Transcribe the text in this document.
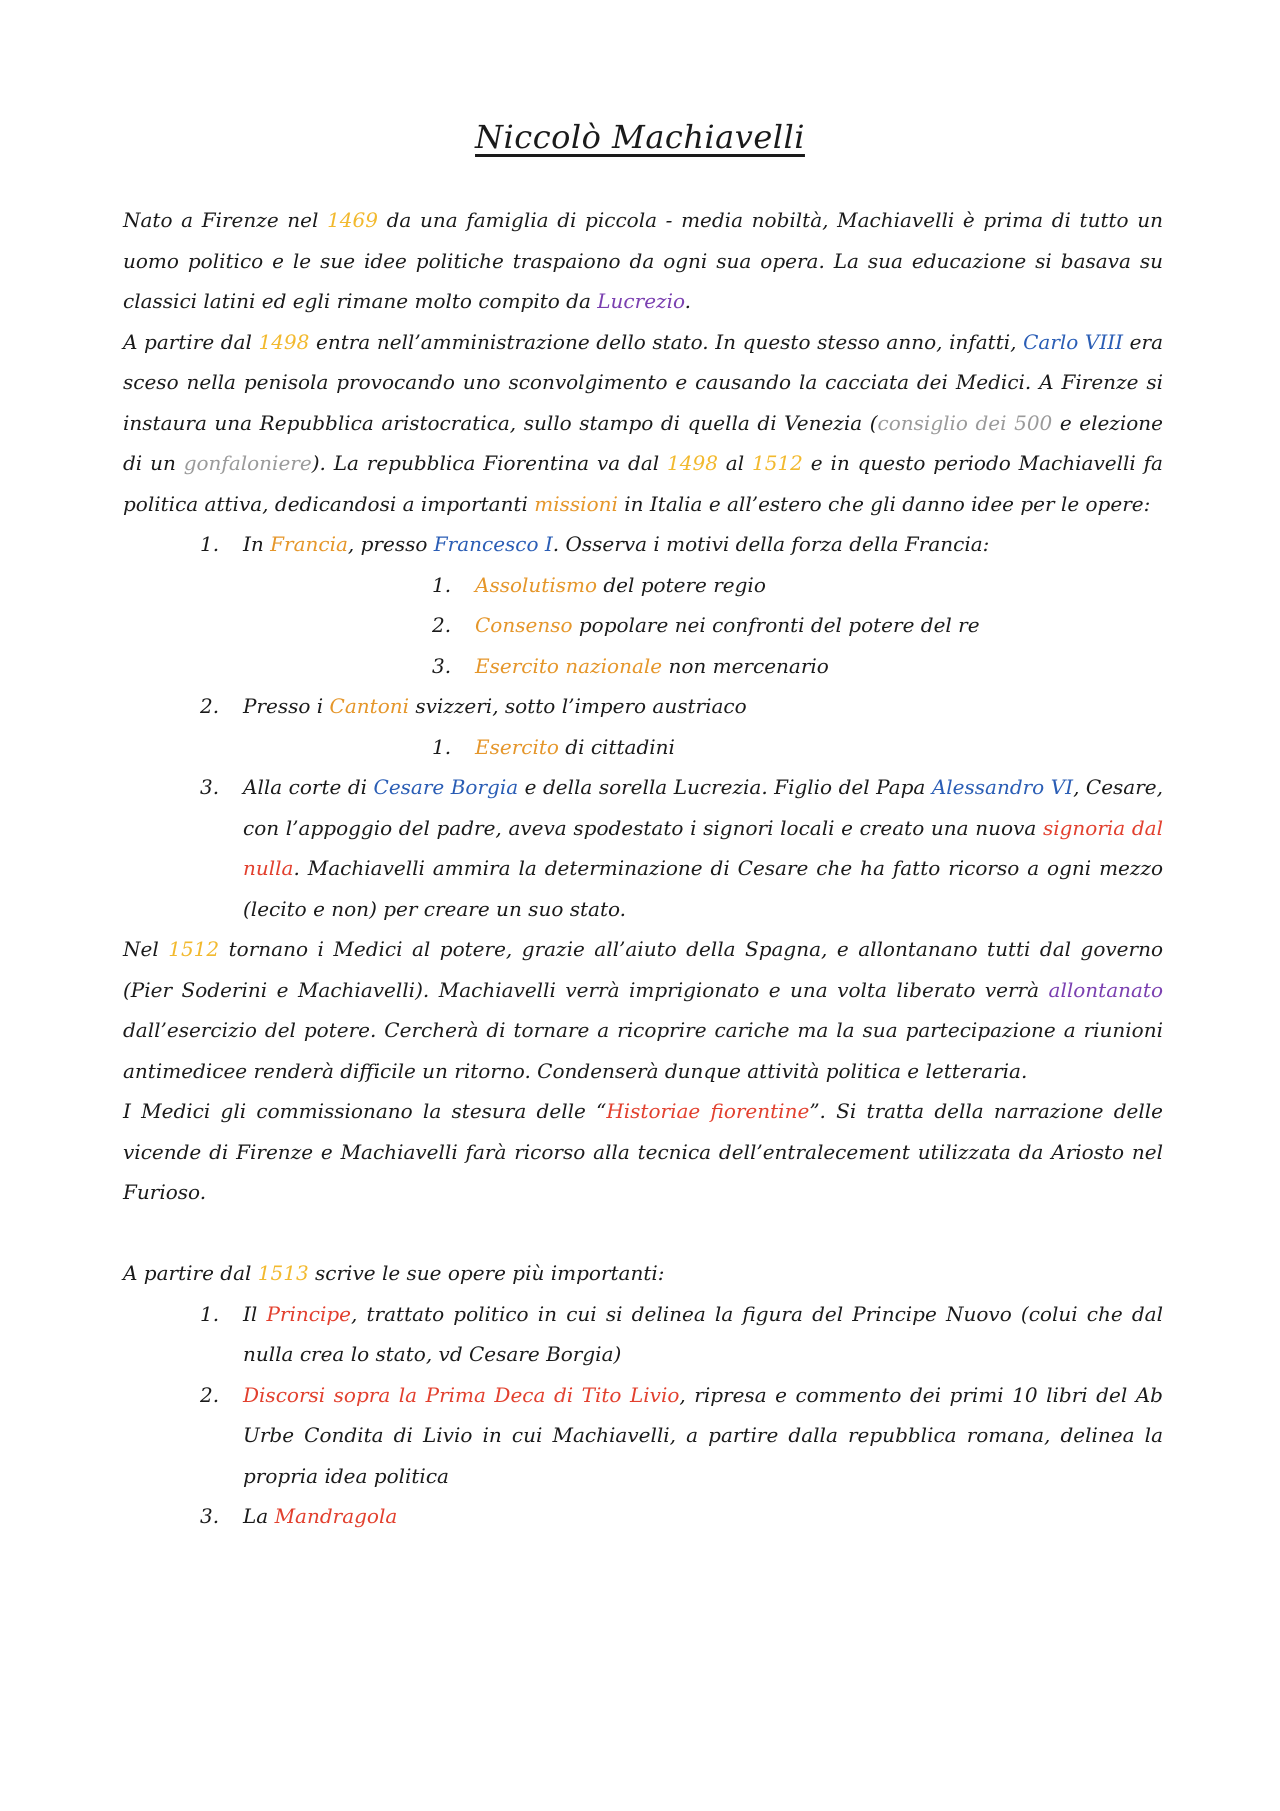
Niccolò Machiavelli

Nato a Firenze nel 1469 da una famiglia di piccola - media nobiltà, Machiavelli è prima di tutto un uomo politico e le sue idee politiche traspaiono da ogni sua opera. La sua educazione si basava su classici latini ed egli rimane molto compito da Lucrezio.

A partire dal 1498 entra nell’amministrazione dello stato. In questo stesso anno, infatti, Carlo VIII era sceso nella penisola provocando uno sconvolgimento e causando la cacciata dei Medici. A Firenze si instaura una Repubblica aristocratica, sullo stampo di quella di Venezia (consiglio dei 500 e elezione di un gonfaloniere). La repubblica Fiorentina va dal 1498 al 1512 e in questo periodo Machiavelli fa politica attiva, dedicandosi a importanti missioni in Italia e all’estero che gli danno idee per le opere:

1. In Francia, presso Francesco I. Osserva i motivi della forza della Francia:
1. Assolutismo del potere regio
2. Consenso popolare nei confronti del potere del re
3. Esercito nazionale non mercenario
2. Presso i Cantoni svizzeri, sotto l’impero austriaco
1. Esercito di cittadini
3. Alla corte di Cesare Borgia e della sorella Lucrezia. Figlio del Papa Alessandro VI, Cesare, con l’appoggio del padre, aveva spodestato i signori locali e creato una nuova signoria dal nulla. Machiavelli ammira la determinazione di Cesare che ha fatto ricorso a ogni mezzo (lecito e non) per creare un suo stato.

Nel 1512 tornano i Medici al potere, grazie all’aiuto della Spagna, e allontanano tutti dal governo (Pier Soderini e Machiavelli). Machiavelli verrà imprigionato e una volta liberato verrà allontanato dall’esercizio del potere. Cercherà di tornare a ricoprire cariche ma la sua partecipazione a riunioni antimedicee renderà difficile un ritorno. Condenserà dunque attività politica e letteraria.

I Medici gli commissionano la stesura delle “Historiae fiorentine”. Si tratta della narrazione delle vicende di Firenze e Machiavelli farà ricorso alla tecnica dell’entralecement utilizzata da Ariosto nel Furioso.

A partire dal 1513 scrive le sue opere più importanti:

1. Il Principe, trattato politico in cui si delinea la figura del Principe Nuovo (colui che dal nulla crea lo stato, vd Cesare Borgia)
2. Discorsi sopra la Prima Deca di Tito Livio, ripresa e commento dei primi 10 libri del Ab Urbe Condita di Livio in cui Machiavelli, a partire dalla repubblica romana, delinea la propria idea politica
3. La Mandragola
